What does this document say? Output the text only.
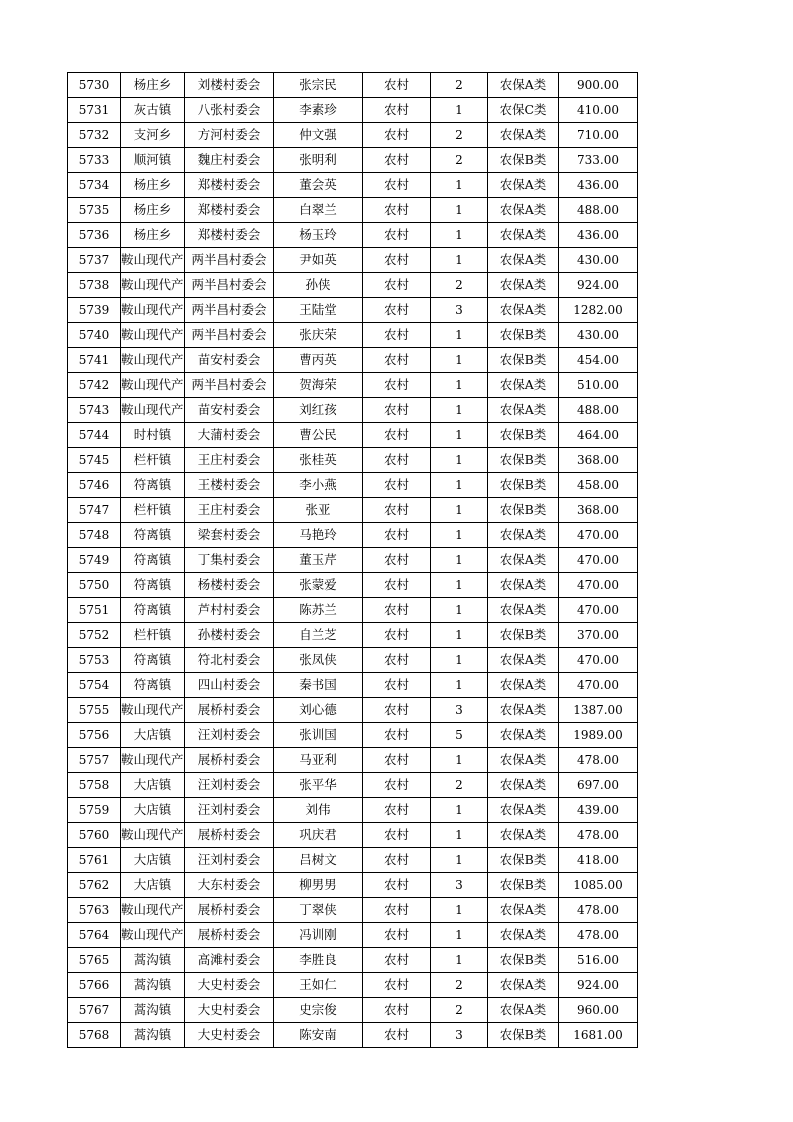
5730	杨庄乡	刘楼村委会	张宗民	农村	2	农保A类	900.00
5731	灰古镇	八张村委会	李素珍	农村	1	农保C类	410.00
5732	支河乡	方河村委会	仲文强	农村	2	农保A类	710.00
5733	顺河镇	魏庄村委会	张明利	农村	2	农保B类	733.00
5734	杨庄乡	郑楼村委会	董会英	农村	1	农保A类	436.00
5735	杨庄乡	郑楼村委会	白翠兰	农村	1	农保A类	488.00
5736	杨庄乡	郑楼村委会	杨玉玲	农村	1	农保A类	436.00
5737	鞍山现代产	两半昌村委会	尹如英	农村	1	农保A类	430.00
5738	鞍山现代产	两半昌村委会	孙侠	农村	2	农保A类	924.00
5739	鞍山现代产	两半昌村委会	王陆堂	农村	3	农保A类	1282.00
5740	鞍山现代产	两半昌村委会	张庆荣	农村	1	农保B类	430.00
5741	鞍山现代产	苗安村委会	曹丙英	农村	1	农保B类	454.00
5742	鞍山现代产	两半昌村委会	贺海荣	农村	1	农保A类	510.00
5743	鞍山现代产	苗安村委会	刘红孩	农村	1	农保A类	488.00
5744	时村镇	大蒲村委会	曹公民	农村	1	农保B类	464.00
5745	栏杆镇	王庄村委会	张桂英	农村	1	农保B类	368.00
5746	符离镇	王楼村委会	李小燕	农村	1	农保B类	458.00
5747	栏杆镇	王庄村委会	张亚	农村	1	农保B类	368.00
5748	符离镇	梁套村委会	马艳玲	农村	1	农保A类	470.00
5749	符离镇	丁集村委会	董玉芹	农村	1	农保A类	470.00
5750	符离镇	杨楼村委会	张蒙爱	农村	1	农保A类	470.00
5751	符离镇	芦村村委会	陈苏兰	农村	1	农保A类	470.00
5752	栏杆镇	孙楼村委会	自兰芝	农村	1	农保B类	370.00
5753	符离镇	符北村委会	张凤侠	农村	1	农保A类	470.00
5754	符离镇	四山村委会	秦书国	农村	1	农保A类	470.00
5755	鞍山现代产	展桥村委会	刘心德	农村	3	农保A类	1387.00
5756	大店镇	汪刘村委会	张训国	农村	5	农保A类	1989.00
5757	鞍山现代产	展桥村委会	马亚利	农村	1	农保A类	478.00
5758	大店镇	汪刘村委会	张平华	农村	2	农保A类	697.00
5759	大店镇	汪刘村委会	刘伟	农村	1	农保A类	439.00
5760	鞍山现代产	展桥村委会	巩庆君	农村	1	农保A类	478.00
5761	大店镇	汪刘村委会	吕树文	农村	1	农保B类	418.00
5762	大店镇	大东村委会	柳男男	农村	3	农保B类	1085.00
5763	鞍山现代产	展桥村委会	丁翠侠	农村	1	农保A类	478.00
5764	鞍山现代产	展桥村委会	冯训刚	农村	1	农保A类	478.00
5765	蒿沟镇	高滩村委会	李胜良	农村	1	农保B类	516.00
5766	蒿沟镇	大史村委会	王如仁	农村	2	农保A类	924.00
5767	蒿沟镇	大史村委会	史宗俊	农村	2	农保A类	960.00
5768	蒿沟镇	大史村委会	陈安南	农村	3	农保B类	1681.00
